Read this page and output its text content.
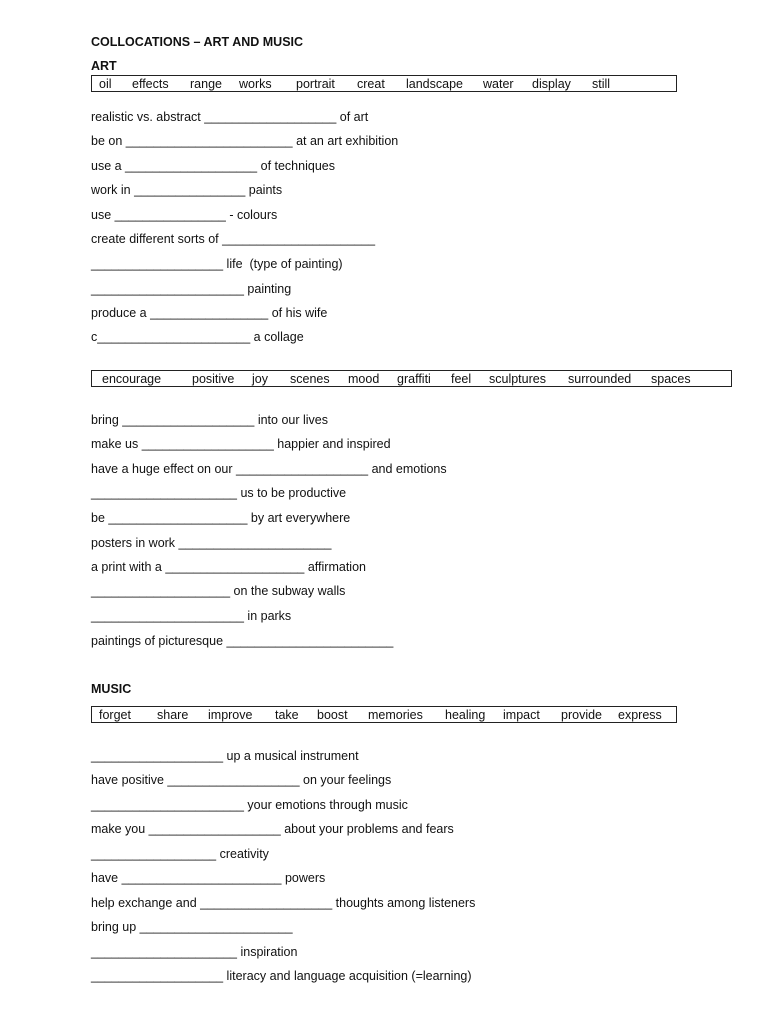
COLLOCATIONS – ART AND MUSIC
ART
oil effects range works portrait creat landscape water display still
realistic vs. abstract ___________________ of art
be on ________________________ at an art exhibition
use a ___________________ of techniques
work in ________________ paints
use ________________ - colours
create different sorts of ______________________
___________________ life  (type of painting)
______________________ painting
produce a _________________ of his wife
c______________________ a collage
encourage positive joy scenes mood graffiti feel sculptures surrounded spaces
bring ___________________ into our lives
make us ___________________ happier and inspired
have a huge effect on our ___________________ and emotions
_____________________ us to be productive
be ____________________ by art everywhere
posters in work ______________________
a print with a ____________________ affirmation
____________________ on the subway walls
______________________ in parks
paintings of picturesque ________________________
MUSIC
forget share improve take boost memories healing impact provide express
___________________ up a musical instrument
have positive ___________________ on your feelings
______________________ your emotions through music
make you ___________________ about your problems and fears
__________________ creativity
have _______________________ powers
help exchange and ___________________ thoughts among listeners
bring up ______________________
_____________________ inspiration
___________________ literacy and language acquisition (=learning)
